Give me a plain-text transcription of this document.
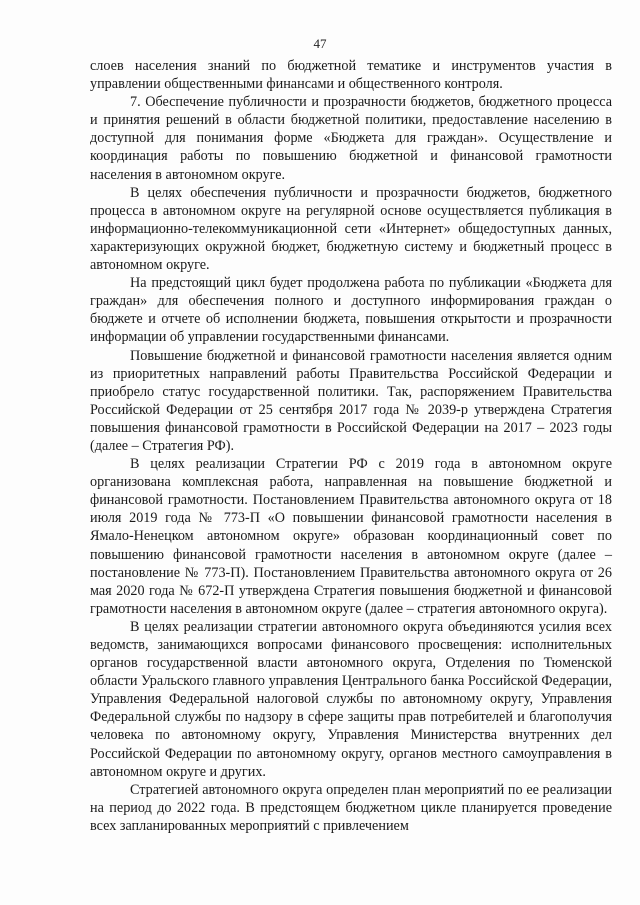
47

слоев населения знаний по бюджетной тематике и инструментов участия в управлении общественными финансами и общественного контроля.

7. Обеспечение публичности и прозрачности бюджетов, бюджетного процесса и принятия решений в области бюджетной политики, предоставление населению в доступной для понимания форме «Бюджета для граждан». Осуществление и координация работы по повышению бюджетной и финансовой грамотности населения в автономном округе.

В целях обеспечения публичности и прозрачности бюджетов, бюджетного процесса в автономном округе на регулярной основе осуществляется публикация в информационно-телекоммуникационной сети «Интернет» общедоступных данных, характеризующих окружной бюджет, бюджетную систему и бюджетный процесс в автономном округе.

На предстоящий цикл будет продолжена работа по публикации «Бюджета для граждан» для обеспечения полного и доступного информирования граждан о бюджете и отчете об исполнении бюджета, повышения открытости и прозрачности информации об управлении государственными финансами.

Повышение бюджетной и финансовой грамотности населения является одним из приоритетных направлений работы Правительства Российской Федерации и приобрело статус государственной политики. Так, распоряжением Правительства Российской Федерации от 25 сентября 2017 года № 2039-р утверждена Стратегия повышения финансовой грамотности в Российской Федерации на 2017 – 2023 годы (далее – Стратегия РФ).

В целях реализации Стратегии РФ с 2019 года в автономном округе организована комплексная работа, направленная на повышение бюджетной и финансовой грамотности. Постановлением Правительства автономного округа от 18 июля 2019 года № 773-П «О повышении финансовой грамотности населения в Ямало-Ненецком автономном округе» образован координационный совет по повышению финансовой грамотности населения в автономном округе (далее – постановление № 773-П). Постановлением Правительства автономного округа от 26 мая 2020 года № 672-П утверждена Стратегия повышения бюджетной и финансовой грамотности населения в автономном округе (далее – стратегия автономного округа).

В целях реализации стратегии автономного округа объединяются усилия всех ведомств, занимающихся вопросами финансового просвещения: исполнительных органов государственной власти автономного округа, Отделения по Тюменской области Уральского главного управления Центрального банка Российской Федерации, Управления Федеральной налоговой службы по автономному округу, Управления Федеральной службы по надзору в сфере защиты прав потребителей и благополучия человека по автономному округу, Управления Министерства внутренних дел Российской Федерации по автономному округу, органов местного самоуправления в автономном округе и других.

Стратегией автономного округа определен план мероприятий по ее реализации на период до 2022 года. В предстоящем бюджетном цикле планируется проведение всех запланированных мероприятий с привлечением
